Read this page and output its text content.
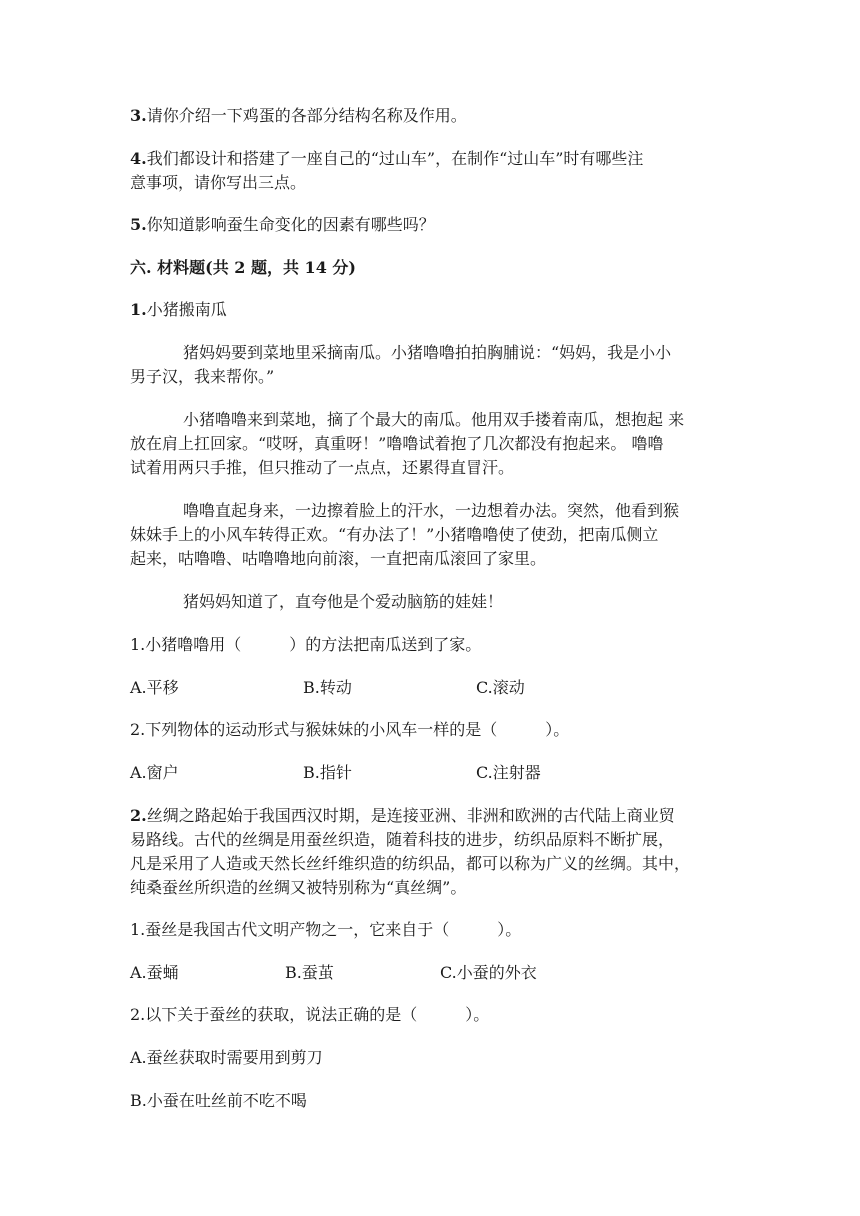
3.请你介绍一下鸡蛋的各部分结构名称及作用。
4.我们都设计和搭建了一座自己的“过山车”，在制作“过山车”时有哪些注
意事项，请你写出三点。
5.你知道影响蚕生命变化的因素有哪些吗？
六. 材料题(共 2 题，共 14 分)
1.小猪搬南瓜
猪妈妈要到菜地里采摘南瓜。小猪噜噜拍拍胸脯说：“妈妈，我是小小
男子汉，我来帮你。”
小猪噜噜来到菜地，摘了个最大的南瓜。他用双手搂着南瓜，想抱起 来
放在肩上扛回家。“哎呀，真重呀！”噜噜试着抱了几次都没有抱起来。 噜噜
试着用两只手推，但只推动了一点点，还累得直冒汗。
噜噜直起身来，一边擦着脸上的汗水，一边想着办法。突然，他看到猴
妹妹手上的小风车转得正欢。“有办法了！”小猪噜噜使了使劲，把南瓜侧立
起来，咕噜噜、咕噜噜地向前滚，一直把南瓜滚回了家里。
猪妈妈知道了，直夸他是个爱动脑筋的娃娃！
1.小猪噜噜用（　　　）的方法把南瓜送到了家。
A.平移	B.转动	C.滚动
2.下列物体的运动形式与猴妹妹的小风车一样的是（　　　）。
A.窗户	B.指针	C.注射器
2.丝绸之路起始于我国西汉时期，是连接亚洲、非洲和欧洲的古代陆上商业贸
易路线。古代的丝绸是用蚕丝织造，随着科技的进步，纺织品原料不断扩展，
凡是采用了人造或天然长丝纤维织造的纺织品，都可以称为广义的丝绸。其中，
纯桑蚕丝所织造的丝绸又被特别称为“真丝绸”。
1.蚕丝是我国古代文明产物之一，它来自于（　　　）。
A.蚕蛹	B.蚕茧	C.小蚕的外衣
2.以下关于蚕丝的获取，说法正确的是（　　　）。
A.蚕丝获取时需要用到剪刀
B.小蚕在吐丝前不吃不喝
